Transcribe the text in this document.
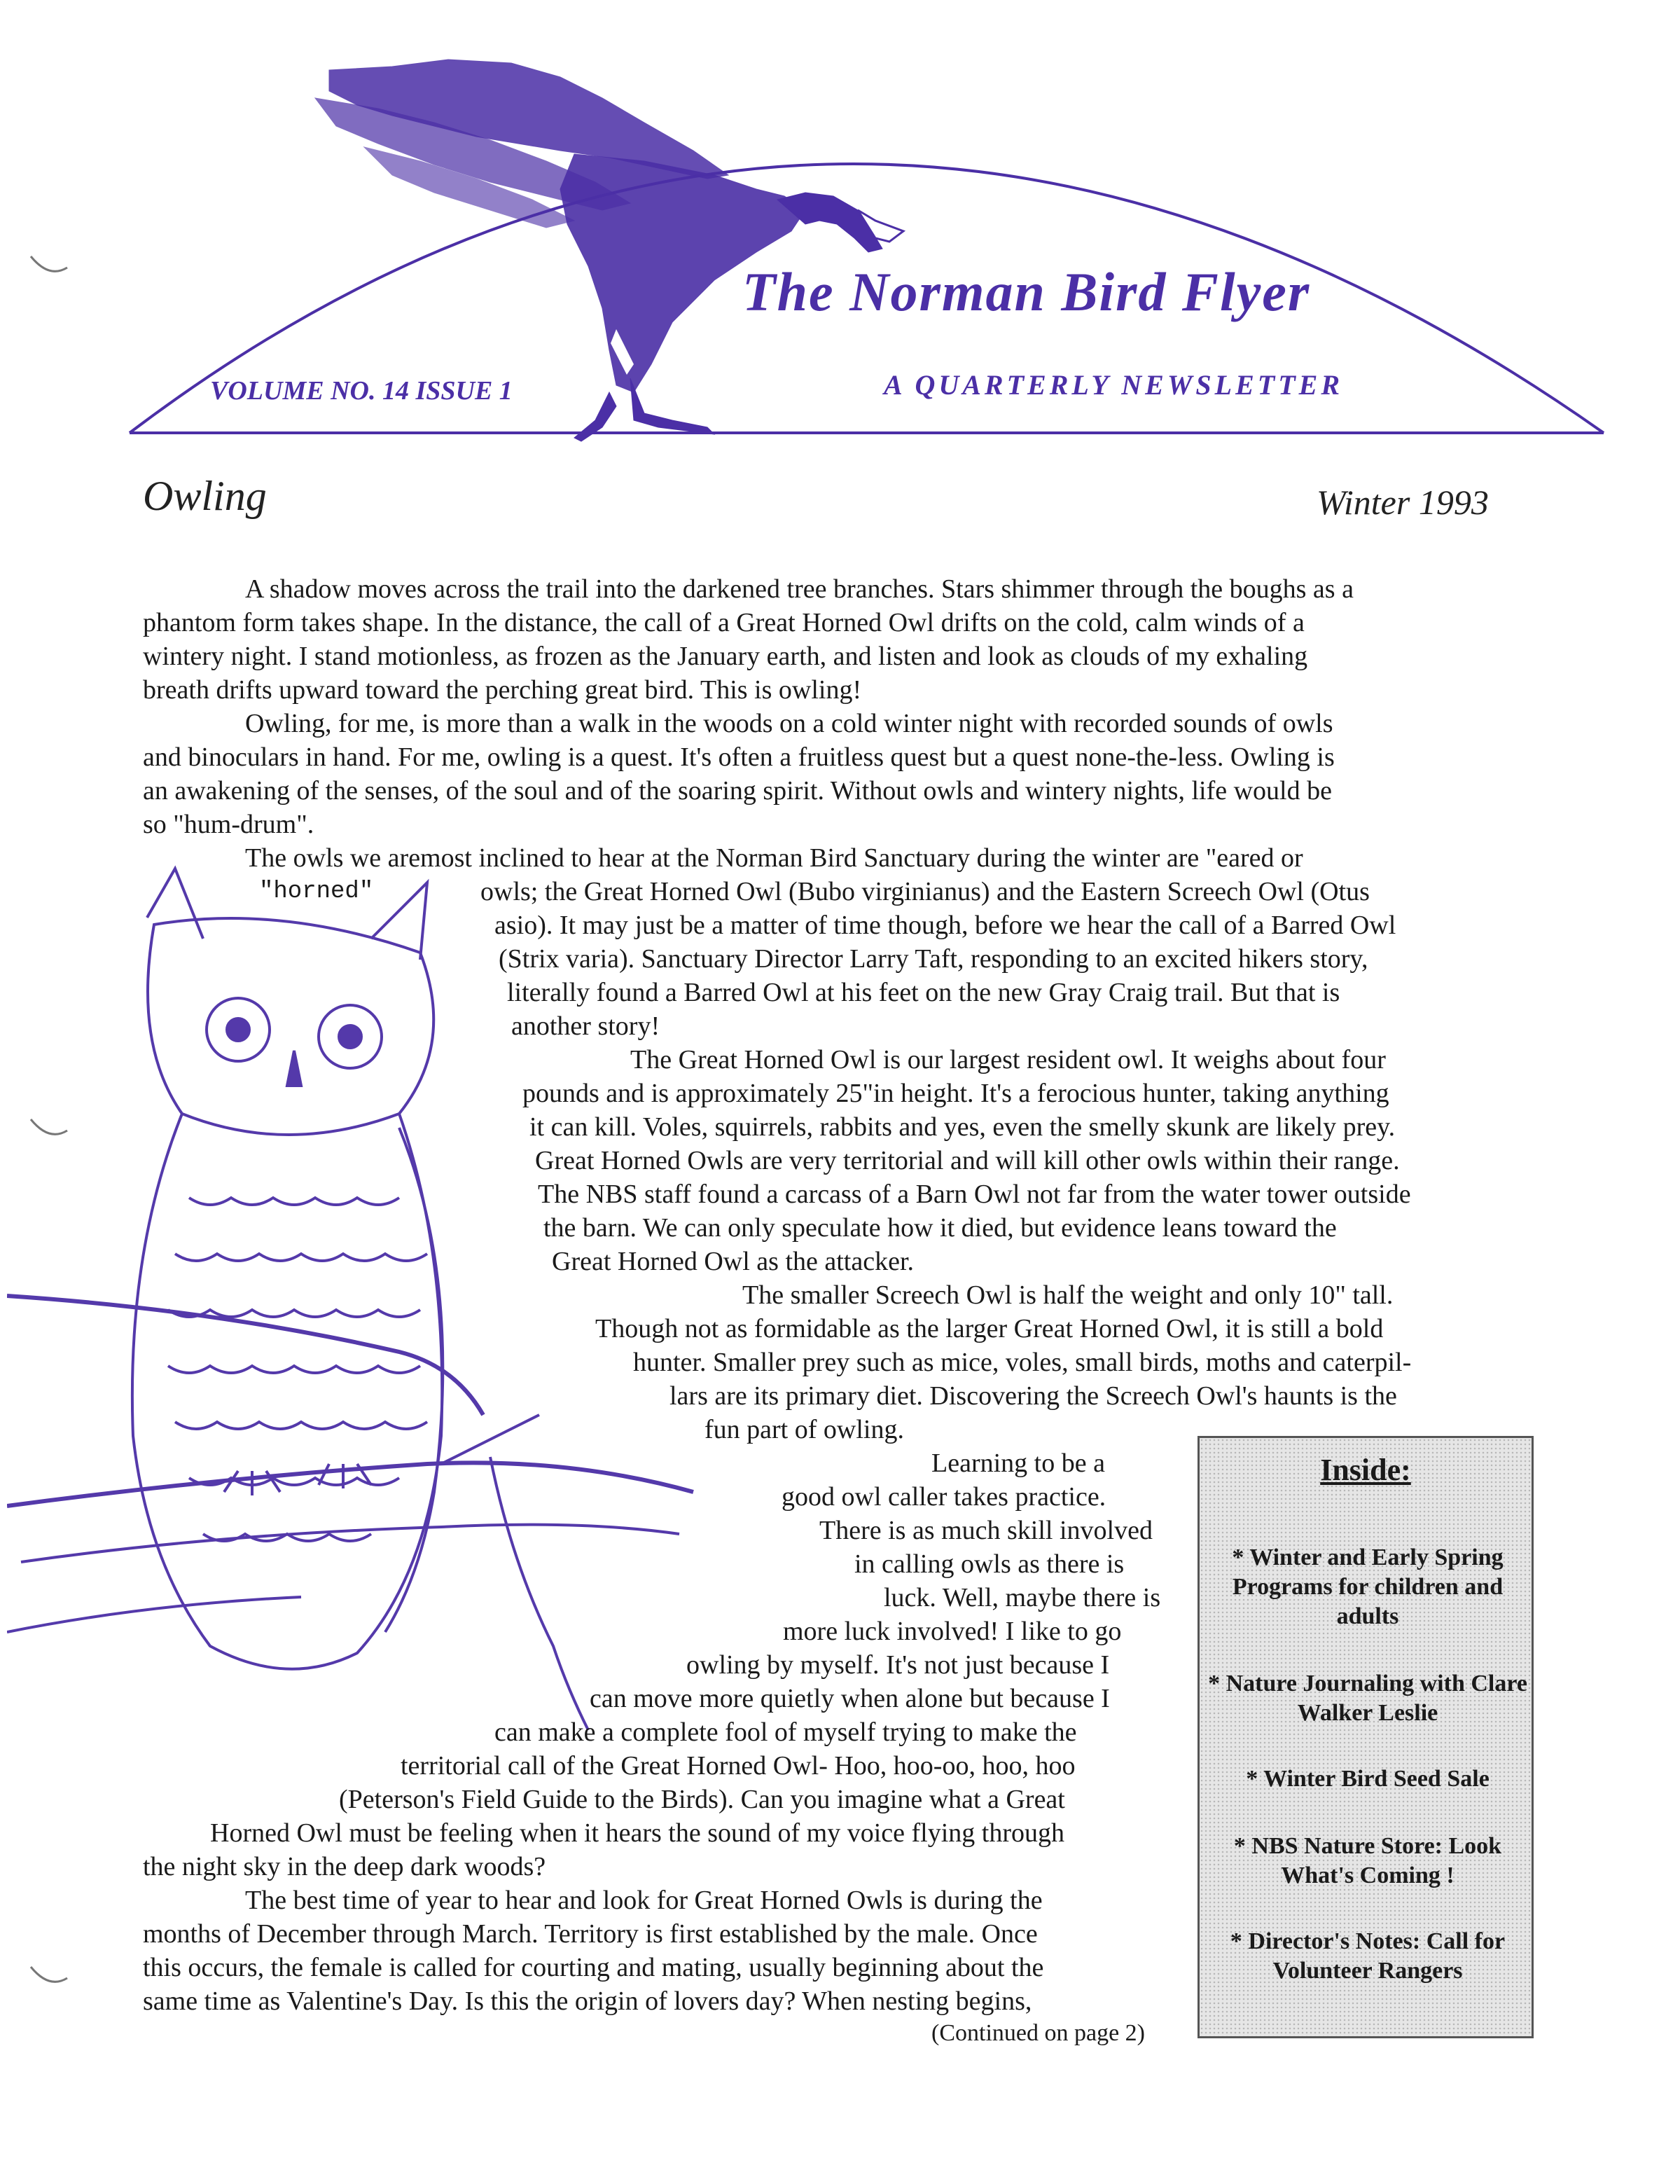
The Norman Bird Flyer
VOLUME NO. 14 ISSUE 1	A QUARTERLY NEWSLETTER
Owling	Winter 1993
A shadow moves across the trail into the darkened tree branches. Stars shimmer through the boughs as a
phantom form takes shape. In the distance, the call of a Great Horned Owl drifts on the cold, calm winds of a
wintery night. I stand motionless, as frozen as the January earth, and listen and look as clouds of my exhaling
breath drifts upward toward the perching great bird. This is owling!
Owling, for me, is more than a walk in the woods on a cold winter night with recorded sounds of owls
and binoculars in hand. For me, owling is a quest. It's often a fruitless quest but a quest none-the-less. Owling is
an awakening of the senses, of the soul and of the soaring spirit. Without owls and wintery nights, life would be
so "hum-drum".
The owls we aremost inclined to hear at the Norman Bird Sanctuary during the winter are "eared or
"horned"	owls; the Great Horned Owl (Bubo virginianus) and the Eastern Screech Owl (Otus
asio). It may just be a matter of time though, before we hear the call of a Barred Owl
(Strix varia). Sanctuary Director Larry Taft, responding to an excited hikers story,
literally found a Barred Owl at his feet on the new Gray Craig trail. But that is
another story!
The Great Horned Owl is our largest resident owl. It weighs about four
pounds and is approximately 25"in height. It's a ferocious hunter, taking anything
it can kill. Voles, squirrels, rabbits and yes, even the smelly skunk are likely prey.
Great Horned Owls are very territorial and will kill other owls within their range.
The NBS staff found a carcass of a Barn Owl not far from the water tower outside
the barn. We can only speculate how it died, but evidence leans toward the
Great Horned Owl as the attacker.
The smaller Screech Owl is half the weight and only 10" tall.
Though not as formidable as the larger Great Horned Owl, it is still a bold
hunter. Smaller prey such as mice, voles, small birds, moths and caterpil-
lars are its primary diet. Discovering the Screech Owl's haunts is the
fun part of owling.
Learning to be a
good owl caller takes practice.
There is as much skill involved
in calling owls as there is
luck. Well, maybe there is
more luck involved! I like to go
owling by myself. It's not just because I
can move more quietly when alone but because I
can make a complete fool of myself trying to make the
territorial call of the Great Horned Owl- Hoo, hoo-oo, hoo, hoo
(Peterson's Field Guide to the Birds). Can you imagine what a Great
Horned Owl must be feeling when it hears the sound of my voice flying through
the night sky in the deep dark woods?
The best time of year to hear and look for Great Horned Owls is during the
months of December through March. Territory is first established by the male. Once
this occurs, the female is called for courting and mating, usually beginning about the
same time as Valentine's Day. Is this the origin of lovers day? When nesting begins,
(Continued on page 2)
Inside:
* Winter and Early Spring Programs for children and adults
* Nature Journaling with Clare Walker Leslie
* Winter Bird Seed Sale
* NBS Nature Store: Look What's Coming !
* Director's Notes: Call for Volunteer Rangers
